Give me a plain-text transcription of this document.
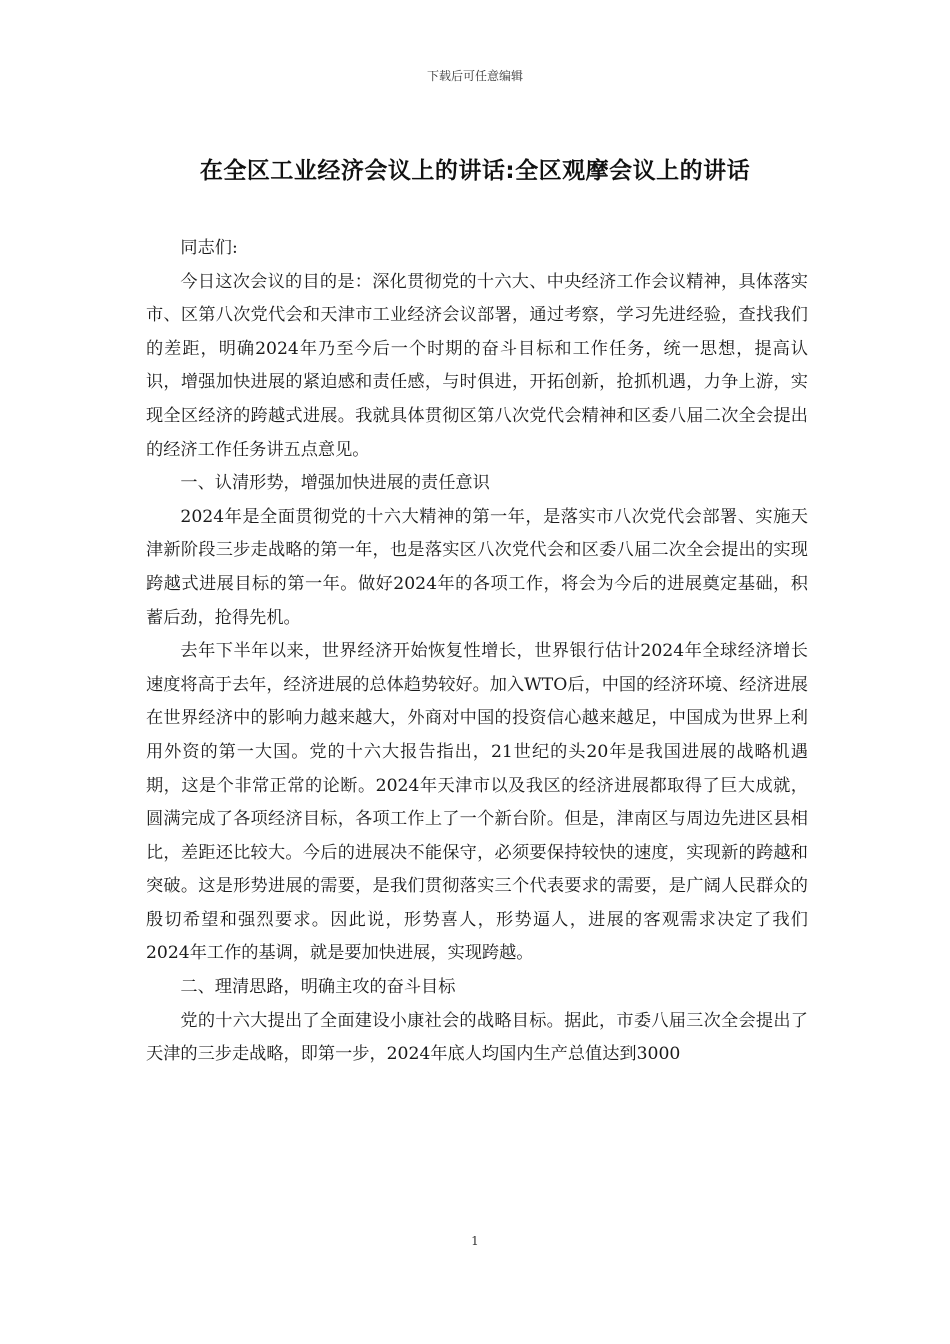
下载后可任意编辑
在全区工业经济会议上的讲话:全区观摩会议上的讲话

同志们:

今日这次会议的目的是：深化贯彻党的十六大、中央经济工作会议精神，具体落实市、区第八次党代会和天津市工业经济会议部署，通过考察，学习先进经验，查找我们的差距，明确2024年乃至今后一个时期的奋斗目标和工作任务，统一思想，提高认识，增强加快进展的紧迫感和责任感，与时俱进，开拓创新，抢抓机遇，力争上游，实现全区经济的跨越式进展。我就具体贯彻区第八次党代会精神和区委八届二次全会提出的经济工作任务讲五点意见。

一、认清形势，增强加快进展的责任意识

2024年是全面贯彻党的十六大精神的第一年，是落实市八次党代会部署、实施天津新阶段三步走战略的第一年，也是落实区八次党代会和区委八届二次全会提出的实现跨越式进展目标的第一年。做好2024年的各项工作，将会为今后的进展奠定基础，积蓄后劲，抢得先机。

去年下半年以来，世界经济开始恢复性增长，世界银行估计2024年全球经济增长速度将高于去年，经济进展的总体趋势较好。加入WTO后，中国的经济环境、经济进展在世界经济中的影响力越来越大，外商对中国的投资信心越来越足，中国成为世界上利用外资的第一大国。党的十六大报告指出，21世纪的头20年是我国进展的战略机遇期，这是个非常正常的论断。2024年天津市以及我区的经济进展都取得了巨大成就，圆满完成了各项经济目标，各项工作上了一个新台阶。但是，津南区与周边先进区县相比，差距还比较大。今后的进展决不能保守，必须要保持较快的速度，实现新的跨越和突破。这是形势进展的需要，是我们贯彻落实三个代表要求的需要，是广阔人民群众的殷切希望和强烈要求。因此说，形势喜人，形势逼人，进展的客观需求决定了我们2024年工作的基调，就是要加快进展，实现跨越。

二、理清思路，明确主攻的奋斗目标

党的十六大提出了全面建设小康社会的战略目标。据此，市委八届三次全会提出了天津的三步走战略，即第一步，2024年底人均国内生产总值达到3000

1
